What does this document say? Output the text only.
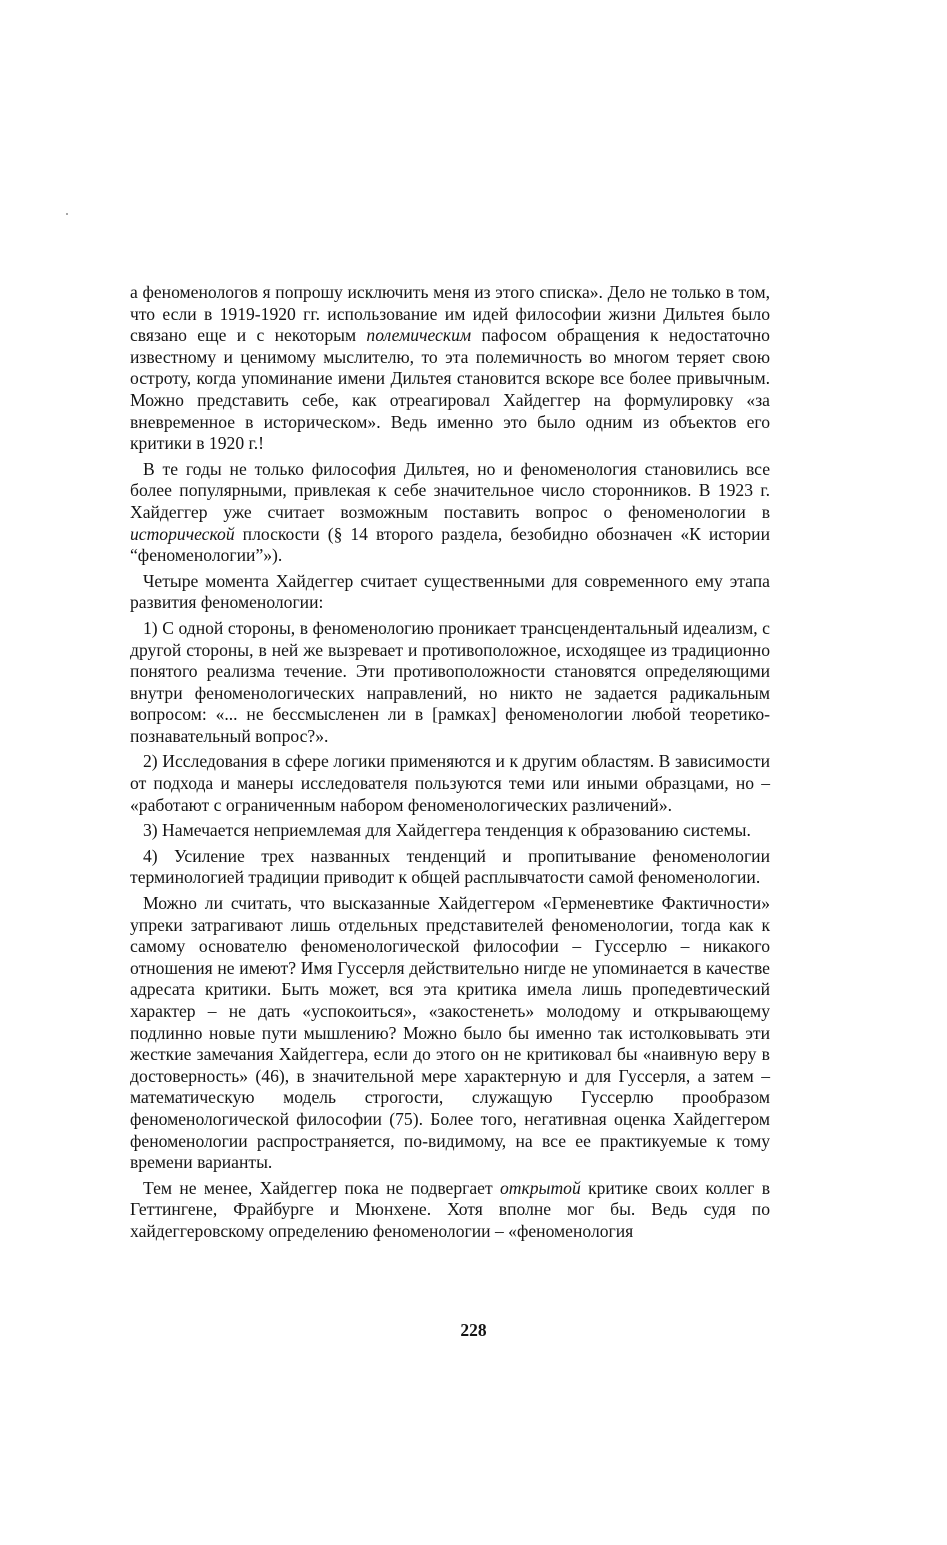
а феноменологов я попрошу исключить меня из этого списка». Дело не только в том, что если в 1919-1920 гг. использование им идей философии жизни Дильтея было связано еще и с некоторым полемическим пафосом обращения к недостаточно известному и ценимому мыслителю, то эта полемичность во многом теряет свою остроту, когда упоминание имени Дильтея становится вскоре все более привычным. Можно представить себе, как отреагировал Хайдеггер на формулировку «за вневременное в историческом». Ведь именно это было одним из объектов его критики в 1920 г.!

В те годы не только философия Дильтея, но и феноменология становились все более популярными, привлекая к себе значительное число сторонников. В 1923 г. Хайдеггер уже считает возможным поставить вопрос о феноменологии в исторической плоскости (§ 14 второго раздела, безобидно обозначен «К истории “феноменологии”»).

Четыре момента Хайдеггер считает существенными для современного ему этапа развития феноменологии:

1) С одной стороны, в феноменологию проникает трансцендентальный идеализм, с другой стороны, в ней же вызревает и противоположное, исходящее из традиционно понятого реализма течение. Эти противоположности становятся определяющими внутри феноменологических направлений, но никто не задается радикальным вопросом: «... не бессмысленен ли в [рамках] феноменологии любой теоретико-познавательный вопрос?».

2) Исследования в сфере логики применяются и к другим областям. В зависимости от подхода и манеры исследователя пользуются теми или иными образцами, но – «работают с ограниченным набором феноменологических различений».

3) Намечается неприемлемая для Хайдеггера тенденция к образованию системы.

4) Усиление трех названных тенденций и пропитывание феноменологии терминологией традиции приводит к общей расплывчатости самой феноменологии.

Можно ли считать, что высказанные Хайдеггером «Герменевтике Фактичности» упреки затрагивают лишь отдельных представителей феноменологии, тогда как к самому основателю феноменологической философии – Гуссерлю – никакого отношения не имеют? Имя Гуссерля действительно нигде не упоминается в качестве адресата критики. Быть может, вся эта критика имела лишь пропедевтический характер – не дать «успокоиться», «закостенеть» молодому и открывающему подлинно новые пути мышлению? Можно было бы именно так истолковывать эти жесткие замечания Хайдеггера, если до этого он не критиковал бы «наивную веру в достоверность» (46), в значительной мере характерную и для Гуссерля, а затем – математическую модель строгости, служащую Гуссерлю прообразом феноменологической философии (75). Более того, негативная оценка Хайдеггером феноменологии распространяется, по-видимому, на все ее практикуемые к тому времени варианты.

Тем не менее, Хайдеггер пока не подвергает открытой критике своих коллег в Геттингене, Фрайбурге и Мюнхене. Хотя вполне мог бы. Ведь судя по хайдеггеровскому определению феноменологии – «феноменология

228
